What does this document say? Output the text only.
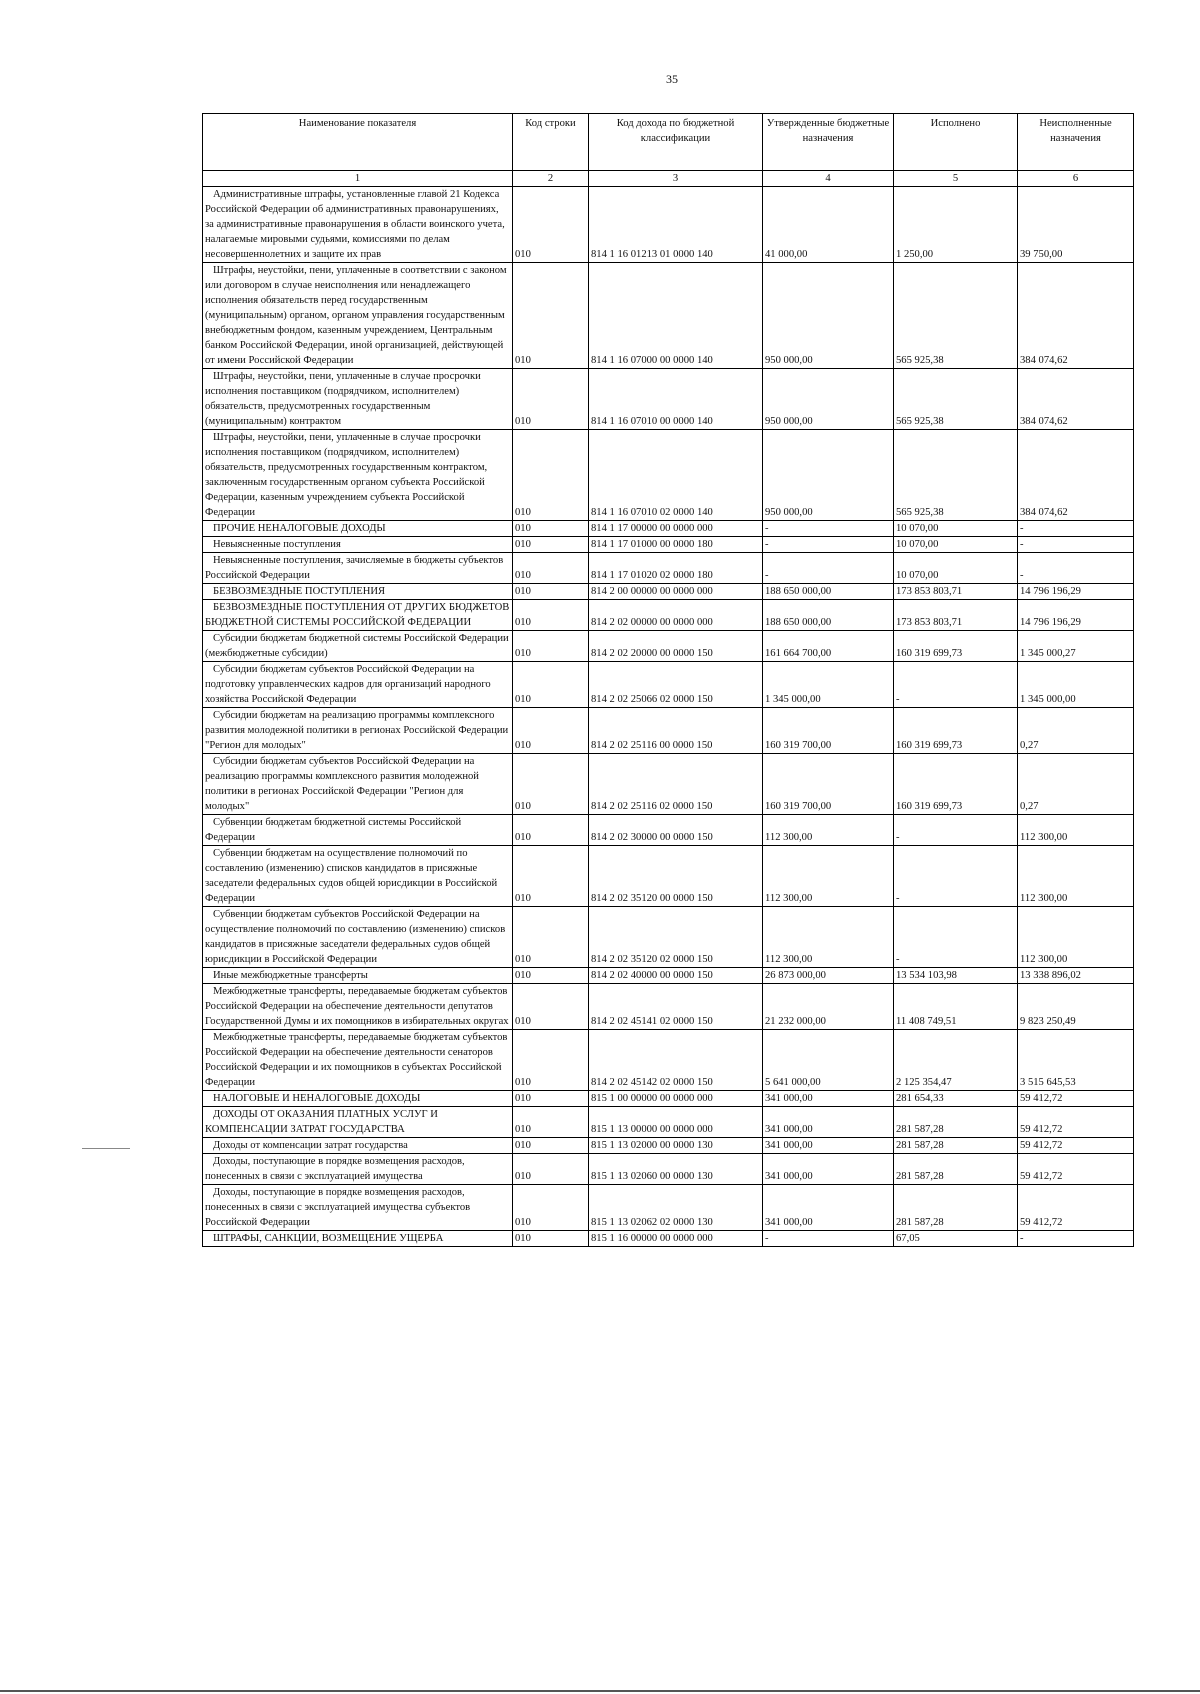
35
Наименование показателя	Код строки	Код дохода по бюджетной классификации	Утвержденные бюджетные назначения	Исполнено	Неисполненные назначения
1	2	3	4	5	6
Административные штрафы, установленные главой 21 Кодекса Российской Федерации об административных правонарушениях, за административные правонарушения в области воинского учета, налагаемые мировыми судьями, комиссиями по делам несовершеннолетних и защите их прав	010	814 1 16 01213 01 0000 140	41 000,00	1 250,00	39 750,00
Штрафы, неустойки, пени, уплаченные в соответствии с законом или договором в случае неисполнения или ненадлежащего исполнения обязательств перед государственным (муниципальным) органом, органом управления государственным внебюджетным фондом, казенным учреждением, Центральным банком Российской Федерации, иной организацией, действующей от имени Российской Федерации	010	814 1 16 07000 00 0000 140	950 000,00	565 925,38	384 074,62
Штрафы, неустойки, пени, уплаченные в случае просрочки исполнения поставщиком (подрядчиком, исполнителем) обязательств, предусмотренных государственным (муниципальным) контрактом	010	814 1 16 07010 00 0000 140	950 000,00	565 925,38	384 074,62
Штрафы, неустойки, пени, уплаченные в случае просрочки исполнения поставщиком (подрядчиком, исполнителем) обязательств, предусмотренных государственным контрактом, заключенным государственным органом субъекта Российской Федерации, казенным учреждением субъекта Российской Федерации	010	814 1 16 07010 02 0000 140	950 000,00	565 925,38	384 074,62
ПРОЧИЕ НЕНАЛОГОВЫЕ ДОХОДЫ	010	814 1 17 00000 00 0000 000	-	10 070,00	-
Невыясненные поступления	010	814 1 17 01000 00 0000 180	-	10 070,00	-
Невыясненные поступления, зачисляемые в бюджеты субъектов Российской Федерации	010	814 1 17 01020 02 0000 180	-	10 070,00	-
БЕЗВОЗМЕЗДНЫЕ ПОСТУПЛЕНИЯ	010	814 2 00 00000 00 0000 000	188 650 000,00	173 853 803,71	14 796 196,29
БЕЗВОЗМЕЗДНЫЕ ПОСТУПЛЕНИЯ ОТ ДРУГИХ БЮДЖЕТОВ БЮДЖЕТНОЙ СИСТЕМЫ РОССИЙСКОЙ ФЕДЕРАЦИИ	010	814 2 02 00000 00 0000 000	188 650 000,00	173 853 803,71	14 796 196,29
Субсидии бюджетам бюджетной системы Российской Федерации (межбюджетные субсидии)	010	814 2 02 20000 00 0000 150	161 664 700,00	160 319 699,73	1 345 000,27
Субсидии бюджетам субъектов Российской Федерации на подготовку управленческих кадров для организаций народного хозяйства Российской Федерации	010	814 2 02 25066 02 0000 150	1 345 000,00	-	1 345 000,00
Субсидии бюджетам на реализацию программы комплексного развития молодежной политики в регионах Российской Федерации "Регион для молодых"	010	814 2 02 25116 00 0000 150	160 319 700,00	160 319 699,73	0,27
Субсидии бюджетам субъектов Российской Федерации на реализацию программы комплексного развития молодежной политики в регионах Российской Федерации "Регион для молодых"	010	814 2 02 25116 02 0000 150	160 319 700,00	160 319 699,73	0,27
Субвенции бюджетам бюджетной системы Российской Федерации	010	814 2 02 30000 00 0000 150	112 300,00	-	112 300,00
Субвенции бюджетам на осуществление полномочий по составлению (изменению) списков кандидатов в присяжные заседатели федеральных судов общей юрисдикции в Российской Федерации	010	814 2 02 35120 00 0000 150	112 300,00	-	112 300,00
Субвенции бюджетам субъектов Российской Федерации на осуществление полномочий по составлению (изменению) списков кандидатов в присяжные заседатели федеральных судов общей юрисдикции в Российской Федерации	010	814 2 02 35120 02 0000 150	112 300,00	-	112 300,00
Иные межбюджетные трансферты	010	814 2 02 40000 00 0000 150	26 873 000,00	13 534 103,98	13 338 896,02
Межбюджетные трансферты, передаваемые бюджетам субъектов Российской Федерации на обеспечение деятельности депутатов Государственной Думы и их помощников в избирательных округах	010	814 2 02 45141 02 0000 150	21 232 000,00	11 408 749,51	9 823 250,49
Межбюджетные трансферты, передаваемые бюджетам субъектов Российской Федерации на обеспечение деятельности сенаторов Российской Федерации и их помощников в субъектах Российской Федерации	010	814 2 02 45142 02 0000 150	5 641 000,00	2 125 354,47	3 515 645,53
НАЛОГОВЫЕ И НЕНАЛОГОВЫЕ ДОХОДЫ	010	815 1 00 00000 00 0000 000	341 000,00	281 654,33	59 412,72
ДОХОДЫ ОТ ОКАЗАНИЯ ПЛАТНЫХ УСЛУГ И КОМПЕНСАЦИИ ЗАТРАТ ГОСУДАРСТВА	010	815 1 13 00000 00 0000 000	341 000,00	281 587,28	59 412,72
Доходы от компенсации затрат государства	010	815 1 13 02000 00 0000 130	341 000,00	281 587,28	59 412,72
Доходы, поступающие в порядке возмещения расходов, понесенных в связи с эксплуатацией имущества	010	815 1 13 02060 00 0000 130	341 000,00	281 587,28	59 412,72
Доходы, поступающие в порядке возмещения расходов, понесенных в связи с эксплуатацией имущества субъектов Российской Федерации	010	815 1 13 02062 02 0000 130	341 000,00	281 587,28	59 412,72
ШТРАФЫ, САНКЦИИ, ВОЗМЕЩЕНИЕ УЩЕРБА	010	815 1 16 00000 00 0000 000	-	67,05	-
